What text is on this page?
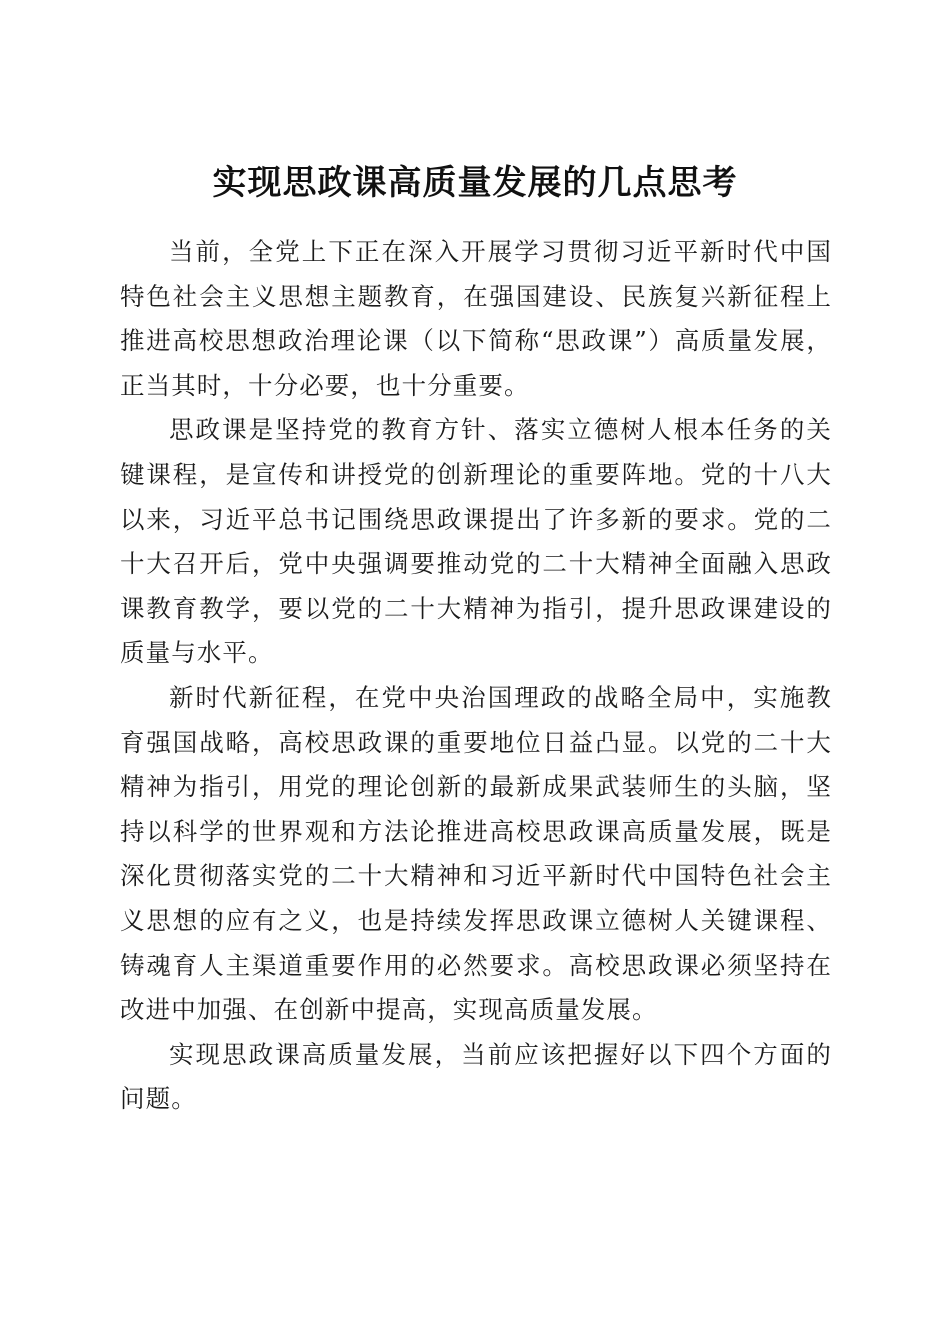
实现思政课高质量发展的几点思考

当前，全党上下正在深入开展学习贯彻习近平新时代中国特色社会主义思想主题教育，在强国建设、民族复兴新征程上推进高校思想政治理论课（以下简称“思政课”）高质量发展，正当其时，十分必要，也十分重要。

思政课是坚持党的教育方针、落实立德树人根本任务的关键课程，是宣传和讲授党的创新理论的重要阵地。党的十八大以来，习近平总书记围绕思政课提出了许多新的要求。党的二十大召开后，党中央强调要推动党的二十大精神全面融入思政课教育教学，要以党的二十大精神为指引，提升思政课建设的质量与水平。

新时代新征程，在党中央治国理政的战略全局中，实施教育强国战略，高校思政课的重要地位日益凸显。以党的二十大精神为指引，用党的理论创新的最新成果武装师生的头脑，坚持以科学的世界观和方法论推进高校思政课高质量发展，既是深化贯彻落实党的二十大精神和习近平新时代中国特色社会主义思想的应有之义，也是持续发挥思政课立德树人关键课程、铸魂育人主渠道重要作用的必然要求。高校思政课必须坚持在改进中加强、在创新中提高，实现高质量发展。

实现思政课高质量发展，当前应该把握好以下四个方面的问题。
